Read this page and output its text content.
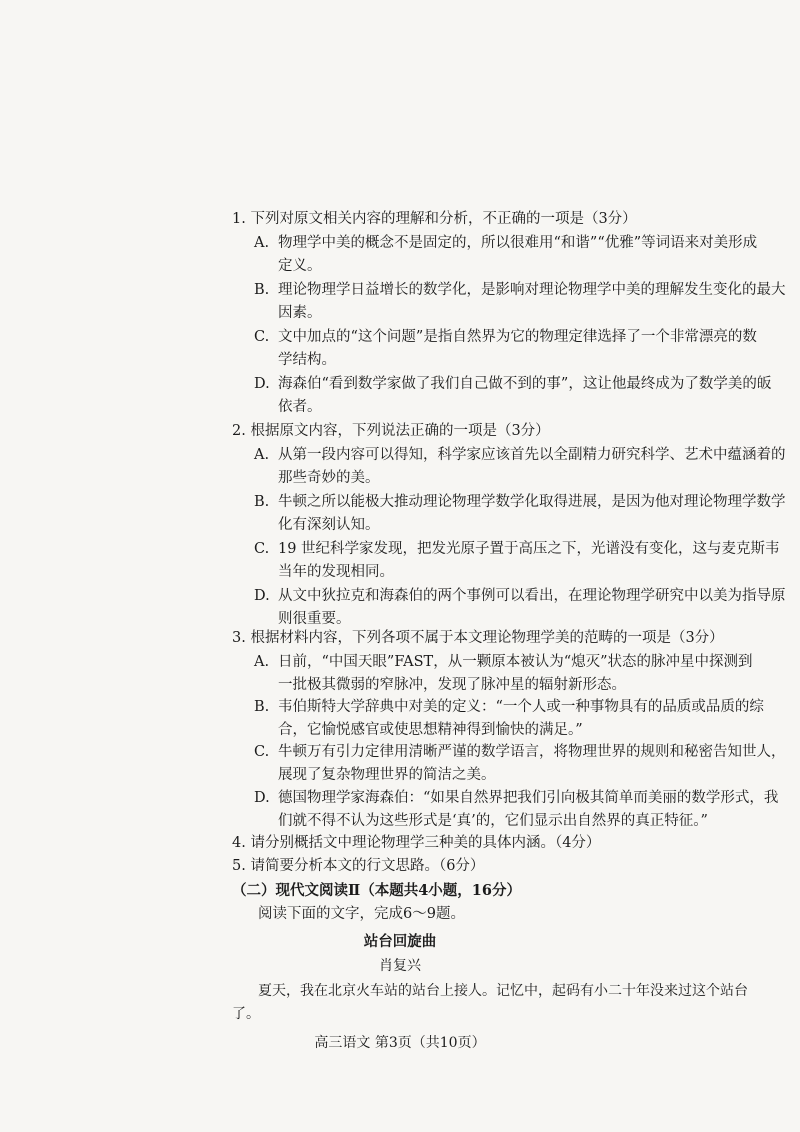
1. 下列对原文相关内容的理解和分析，不正确的一项是（3分）
A. 物理学中美的概念不是固定的，所以很难用“和谐”“优雅”等词语来对美形成
定义。
B. 理论物理学日益增长的数学化，是影响对理论物理学中美的理解发生变化的最大
因素。
C. 文中加点的“这个问题”是指自然界为它的物理定律选择了一个非常漂亮的数
学结构。
D. 海森伯“看到数学家做了我们自己做不到的事”，这让他最终成为了数学美的皈
依者。
2. 根据原文内容，下列说法正确的一项是（3分）
A. 从第一段内容可以得知，科学家应该首先以全副精力研究科学、艺术中蕴涵着的
那些奇妙的美。
B. 牛顿之所以能极大推动理论物理学数学化取得进展，是因为他对理论物理学数学
化有深刻认知。
C. 19 世纪科学家发现，把发光原子置于高压之下，光谱没有变化，这与麦克斯韦
当年的发现相同。
D. 从文中狄拉克和海森伯的两个事例可以看出，在理论物理学研究中以美为指导原
则很重要。
3. 根据材料内容，下列各项不属于本文理论物理学美的范畴的一项是（3分）
A. 日前，“中国天眼”FAST，从一颗原本被认为“熄灭”状态的脉冲星中探测到
一批极其微弱的窄脉冲，发现了脉冲星的辐射新形态。
B. 韦伯斯特大学辞典中对美的定义：“一个人或一种事物具有的品质或品质的综
合，它愉悦感官或使思想精神得到愉快的满足。”
C. 牛顿万有引力定律用清晰严谨的数学语言，将物理世界的规则和秘密告知世人，
展现了复杂物理世界的简洁之美。
D. 德国物理学家海森伯：“如果自然界把我们引向极其简单而美丽的数学形式，我
们就不得不认为这些形式是‘真’的，它们显示出自然界的真正特征。”
4. 请分别概括文中理论物理学三种美的具体内涵。（4分）
5. 请简要分析本文的行文思路。（6分）
（二）现代文阅读Ⅱ（本题共4小题，16分）
阅读下面的文字，完成6～9题。
站台回旋曲
肖复兴
夏天，我在北京火车站的站台上接人。记忆中，起码有小二十年没来过这个站台
了。
高三语文 第3页（共10页）
